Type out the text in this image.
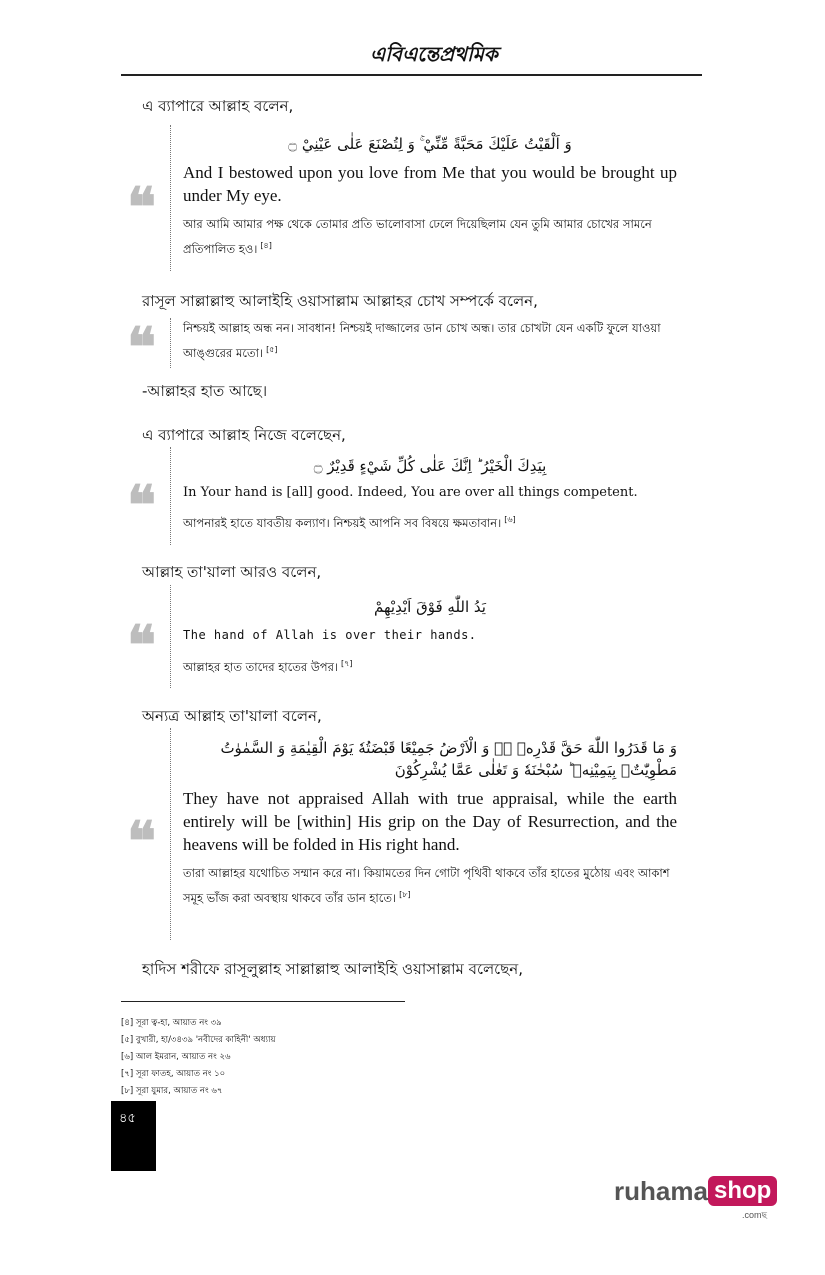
এবিএন্তেপ্রথমিক
এ ব্যাপারে আল্লাহ বলেন,
❝
وَ اَلْقَيْتُ عَلَيْكَ مَحَبَّةً مِّنِّيْ ۚ وَ لِتُصْنَعَ عَلٰى عَيْنِيْ ۝
And I bestowed upon you love from Me that you would be brought up under My eye.
আর আমি আমার পক্ষ থেকে তোমার প্রতি ভালোবাসা ঢেলে দিয়েছিলাম যেন তুমি আমার চোখের সামনে প্রতিপালিত হও। [৪]
রাসূল সাল্লাল্লাহু আলাইহি ওয়াসাল্লাম আল্লাহর চোখ সম্পর্কে বলেন,
❝ নিশ্চয়ই আল্লাহ অন্ধ নন। সাবধান! নিশ্চয়ই দাজ্জালের ডান চোখ অন্ধ। তার চোখটা যেন একটি ফুলে যাওয়া আঙ্গুরের মতো। [৫]
-আল্লাহর হাত আছে।
এ ব্যাপারে আল্লাহ নিজে বলেছেন,
❝
بِيَدِكَ الْخَيْرُ ؕ اِنَّكَ عَلٰى كُلِّ شَيْءٍ قَدِيْرٌ ۝
In Your hand is [all] good. Indeed, You are over all things competent.
আপনারই হাতে যাবতীয় কল্যাণ। নিশ্চয়ই আপনি সব বিষয়ে ক্ষমতাবান। [৬]
আল্লাহ তা'য়ালা আরও বলেন,
❝
يَدُ اللّٰهِ فَوْقَ اَيْدِيْهِمْ
The hand of Allah is over their hands.
আল্লাহর হাত তাদের হাতের উপর। [৭]
অন্যত্র আল্লাহ তা'য়ালা বলেন,
❝
وَ مَا قَدَرُوا اللّٰهَ حَقَّ قَدْرِهٖ ۖۗ وَ الْاَرْضُ جَمِيْعًا قَبْضَتُهٗ يَوْمَ الْقِيٰمَةِ وَ السَّمٰوٰتُ مَطْوِيّٰتٌۢ بِيَمِيْنِهٖ ؕ سُبْحٰنَهٗ وَ تَعٰلٰى عَمَّا يُشْرِكُوْنَ
They have not appraised Allah with true appraisal, while the earth entirely will be [within] His grip on the Day of Resurrection, and the heavens will be folded in His right hand.
তারা আল্লাহর যথোচিত সম্মান করে না। কিয়ামতের দিন গোটা পৃথিবী থাকবে তাঁর হাতের মুঠোয় এবং আকাশ সমূহ ভাঁজ করা অবস্থায় থাকবে তাঁর ডান হাতে। [৮]
হাদিস শরীফে রাসূলুল্লাহ সাল্লাল্লাহু আলাইহি ওয়াসাল্লাম বলেছেন,
[৪] সূরা ত্ব-হা, আয়াত নং ৩৯
[৫] বুখারী, হা/৩৪৩৯ 'নবীদের কাহিনী' অধ্যায়
[৬] আল ইমরান, আয়াত নং ২৬
[৭] সূরা ফাতহ, আয়াত নং ১০
[৮] সূরা যুমার, আয়াত নং ৬৭
৪৫
ruhama shop
.comছ
